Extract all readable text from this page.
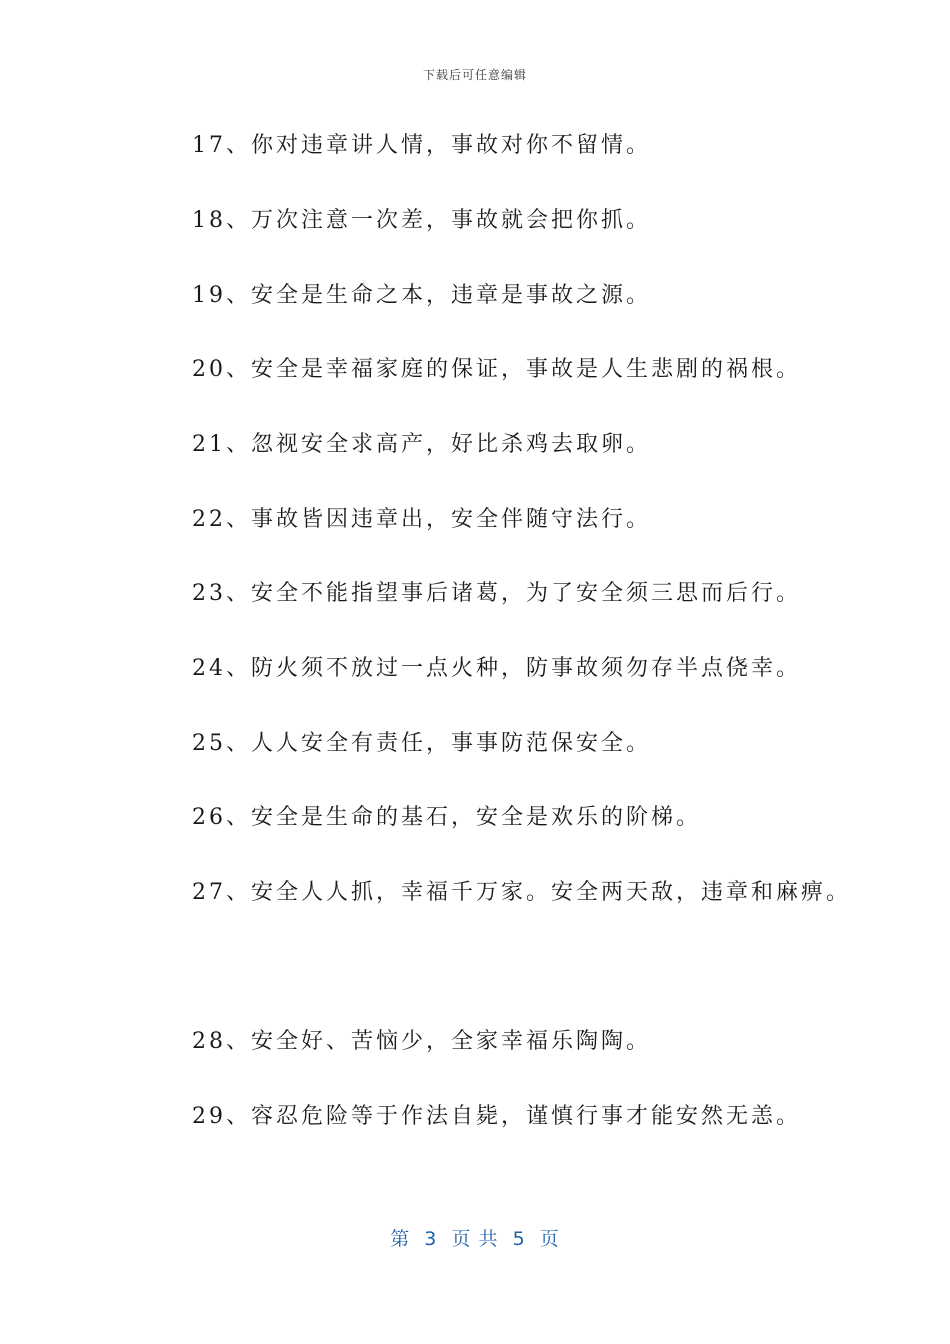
下载后可任意编辑
17、你对违章讲人情，事故对你不留情。
18、万次注意一次差，事故就会把你抓。
19、安全是生命之本，违章是事故之源。
20、安全是幸福家庭的保证，事故是人生悲剧的祸根。
21、忽视安全求高产，好比杀鸡去取卵。
22、事故皆因违章出，安全伴随守法行。
23、安全不能指望事后诸葛，为了安全须三思而后行。
24、防火须不放过一点火种，防事故须勿存半点侥幸。
25、人人安全有责任，事事防范保安全。
26、安全是生命的基石，安全是欢乐的阶梯。
27、安全人人抓，幸福千万家。安全两天敌，违章和麻痹。
28、安全好、苦恼少，全家幸福乐陶陶。
29、容忍危险等于作法自毙，谨慎行事才能安然无恙。
第  3  页 共  5  页
